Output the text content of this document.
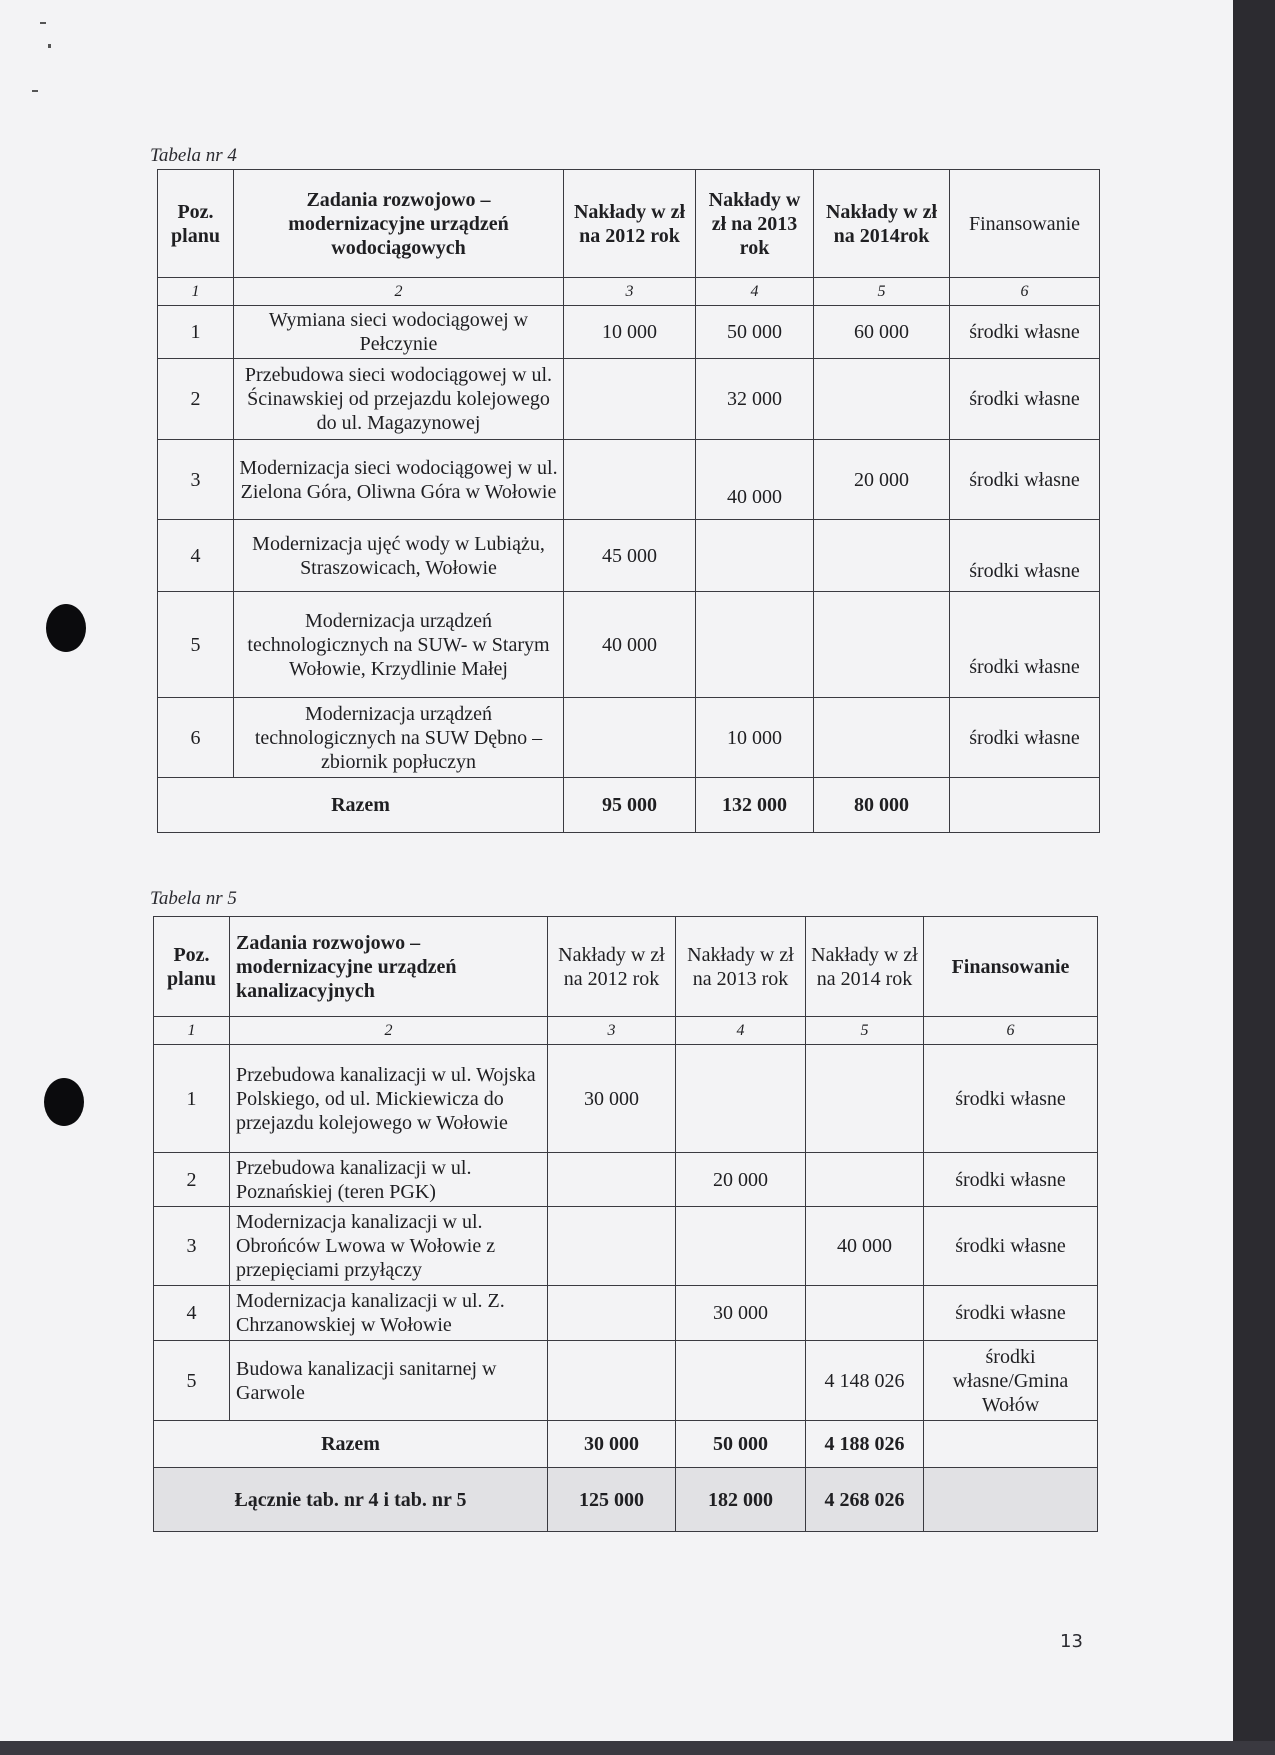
Tabela nr 4
Poz. planu	Zadania rozwojowo – modernizacyjne urządzeń wodociągowych	Nakłady w zł na 2012 rok	Nakłady w zł na 2013 rok	Nakłady w zł na 2014rok	Finansowanie
1	2	3	4	5	6
1	Wymiana sieci wodociągowej w Pełczynie	10 000	50 000	60 000	środki własne
2	Przebudowa sieci wodociągowej w ul. Ścinawskiej od przejazdu kolejowego do ul. Magazynowej		32 000		środki własne
3	Modernizacja sieci wodociągowej w ul. Zielona Góra, Oliwna Góra w Wołowie		40 000	20 000	środki własne
4	Modernizacja ujęć wody w Lubiążu, Straszowicach, Wołowie	45 000			środki własne
5	Modernizacja urządzeń technologicznych na SUW- w Starym Wołowie, Krzydlinie Małej	40 000			środki własne
6	Modernizacja urządzeń technologicznych na SUW Dębno – zbiornik popłuczyn		10 000		środki własne
Razem		95 000	132 000	80 000	
Tabela nr 5
Poz. planu	Zadania rozwojowo – modernizacyjne urządzeń kanalizacyjnych	Nakłady w zł na 2012 rok	Nakłady w zł na 2013 rok	Nakłady w zł na 2014 rok	Finansowanie
1	2	3	4	5	6
1	Przebudowa kanalizacji w ul. Wojska Polskiego, od ul. Mickiewicza do przejazdu kolejowego w Wołowie	30 000			środki własne
2	Przebudowa kanalizacji w ul. Poznańskiej (teren PGK)		20 000		środki własne
3	Modernizacja kanalizacji w ul. Obrońców Lwowa w Wołowie z przepięciami przyłączy			40 000	środki własne
4	Modernizacja kanalizacji w ul. Z. Chrzanowskiej w Wołowie		30 000		środki własne
5	Budowa kanalizacji sanitarnej w Garwole			4 148 026	środki własne/Gmina Wołów
Razem		30 000	50 000	4 188 026	
Łącznie tab. nr 4 i tab. nr 5		125 000	182 000	4 268 026	
13
